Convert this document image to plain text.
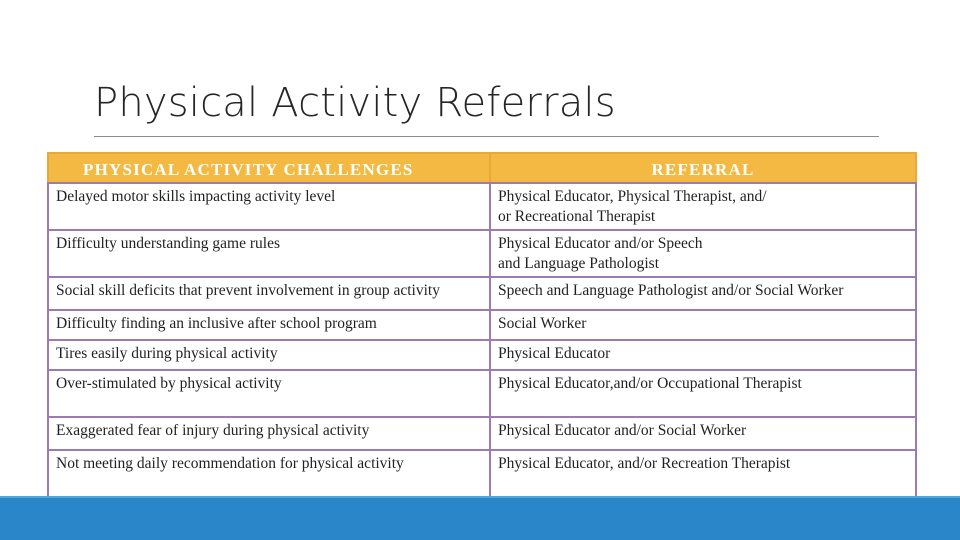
Physical Activity Referrals
PHYSICAL ACTIVITY CHALLENGES	REFERRAL
Delayed motor skills impacting activity level	Physical Educator, Physical Therapist, and/
or Recreational Therapist
Difficulty understanding game rules	Physical Educator and/or Speech
and Language Pathologist
Social skill deficits that prevent involvement in group activity	Speech and Language Pathologist and/or Social Worker
Difficulty finding an inclusive after school program	Social Worker
Tires easily during physical activity	Physical Educator
Over-stimulated by physical activity	Physical Educator,and/or Occupational Therapist
Exaggerated fear of injury during physical activity	Physical Educator and/or Social Worker
Not meeting daily recommendation for physical activity	Physical Educator, and/or Recreation Therapist
